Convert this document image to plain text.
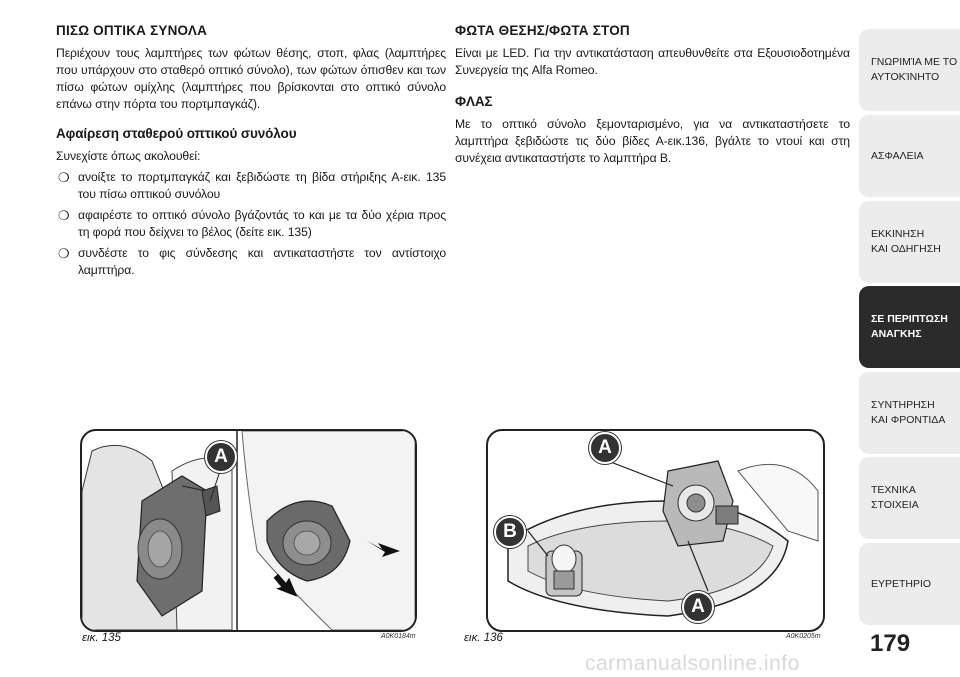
ΠΙΣΩ ΟΠΤΙΚΑ ΣΥΝΟΛΑ

Περιέχουν τους λαμπτήρες των φώτων θέσης, στοπ, φλας (λαμπτήρες που υπάρχουν στο σταθερό οπτικό σύνολο), των φώτων όπισθεν και των πίσω φώτων ομίχλης (λαμπτήρες που βρίσκονται στο οπτικό σύνολο επάνω στην πόρτα του πορτμπαγκάζ).

Αφαίρεση σταθερού οπτικού συνόλου

Συνεχίστε όπως ακολουθεί:

❍ ανοίξτε το πορτμπαγκάζ και ξεβιδώστε τη βίδα στήριξης Α-εικ. 135 του πίσω οπτικού συνόλου
❍ αφαιρέστε το οπτικό σύνολο βγάζοντάς το και με τα δύο χέρια προς τη φορά που δείχνει το βέλος (δείτε εικ. 135)
❍ συνδέστε το φις σύνδεσης και αντικαταστήστε τον αντίστοιχο λαμπτήρα.
ΦΩΤΑ ΘΕΣΗΣ/ΦΩΤΑ ΣΤΟΠ

Είναι με LED. Για την αντικατάσταση απευθυνθείτε στα Εξουσιοδοτημένα Συνεργεία της Alfa Romeo.

ΦΛΑΣ

Με το οπτικό σύνολο ξεμονταρισμένο, για να αντικαταστήσετε το λαμπτήρα ξεβιδώστε τις δύο βίδες Α-εικ.136, βγάλτε το ντουί και στη συνέχεια αντικαταστήστε το λαμπτήρα Β.

A
εικ. 135	A0K0184m
A
B
A
εικ. 136	A0K0205m
ΓΝΩΡΙΜΊΑ ΜΕ ΤΟ
ΑΥΤΟΚΊΝΗΤΟ
ΑΣΦΑΛΕΙΑ
ΕΚΚΙΝΗΣΗ
ΚΑΙ ΟΔΗΓΗΣΗ
ΣΕ ΠΕΡΙΠΤΩΣΗ
ΑΝΑΓΚΗΣ
ΣΥΝΤΗΡΗΣΗ
ΚΑΙ ΦΡΟΝΤΙΔΑ
ΤΕΧΝΙΚΑ
ΣΤΟΙΧΕΙΑ
ΕΥΡΕΤΗΡΙΟ
179
carmanualsonline.info
